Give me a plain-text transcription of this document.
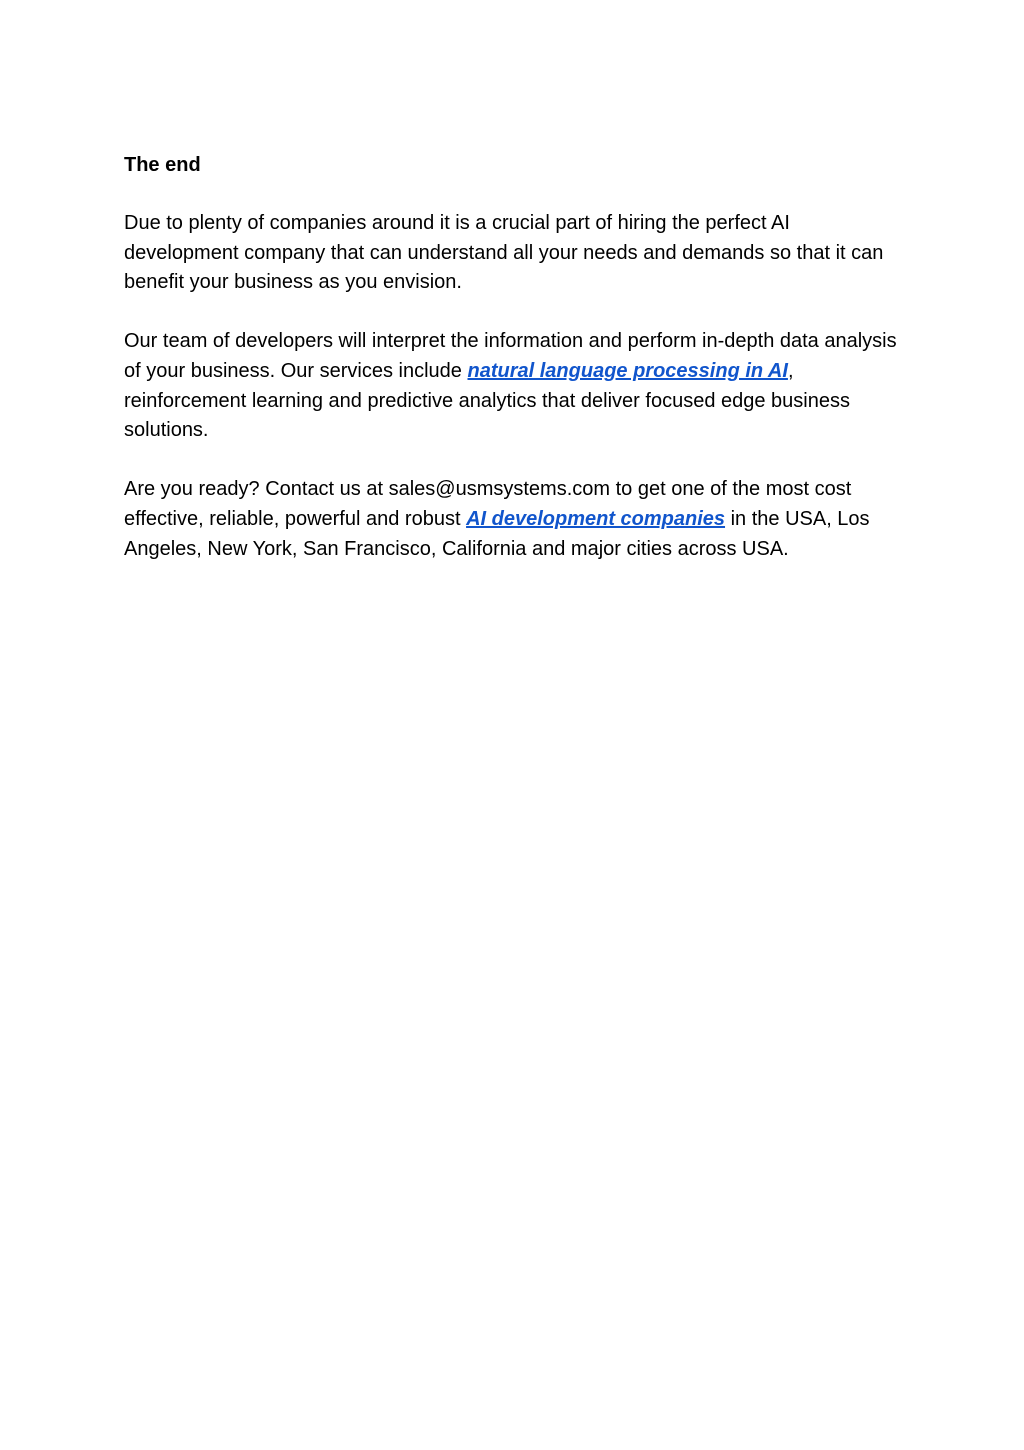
The end

Due to plenty of companies around it is a crucial part of hiring the perfect AI development company that can understand all your needs and demands so that it can benefit your business as you envision.

Our team of developers will interpret the information and perform in-depth data analysis of your business. Our services include natural language processing in AI, reinforcement learning and predictive analytics that deliver focused edge business solutions.

Are you ready? Contact us at sales@usmsystems.com to get one of the most cost effective, reliable, powerful and robust AI development companies in the USA, Los Angeles, New York, San Francisco, California and major cities across USA.
